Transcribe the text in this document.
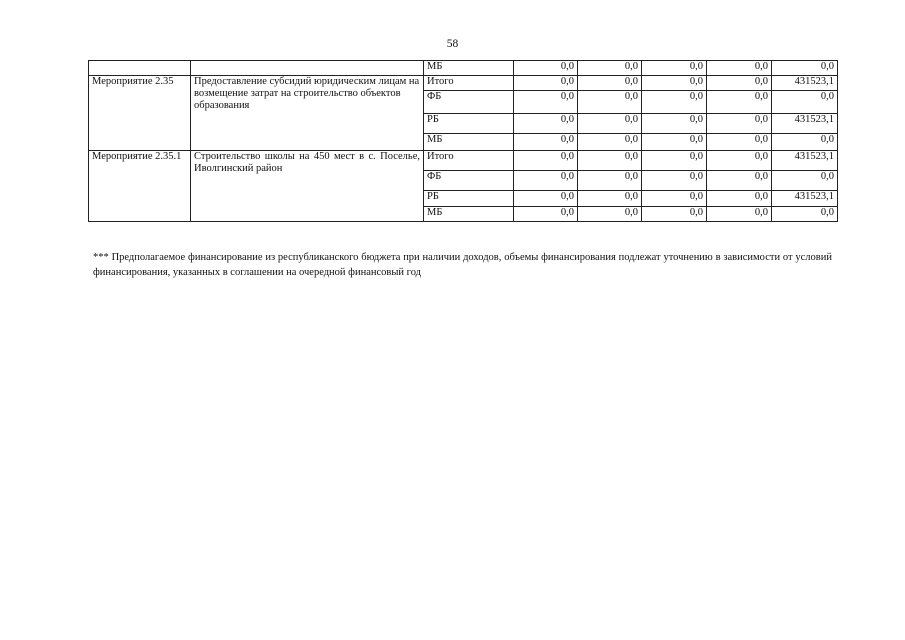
58
		МБ	0,0	0,0	0,0	0,0	0,0
Мероприятие 2.35	Предоставление субсидий юридическим лицам на возмещение затрат на строительство объектов образования	Итого	0,0	0,0	0,0	0,0	431523,1
		ФБ	0,0	0,0	0,0	0,0	0,0
		РБ	0,0	0,0	0,0	0,0	431523,1
		МБ	0,0	0,0	0,0	0,0	0,0
Мероприятие 2.35.1	Строительство школы на 450 мест в с. Поселье, Иволгинский район	Итого	0,0	0,0	0,0	0,0	431523,1
		ФБ	0,0	0,0	0,0	0,0	0,0
		РБ	0,0	0,0	0,0	0,0	431523,1
		МБ	0,0	0,0	0,0	0,0	0,0
*** Предполагаемое финансирование из республиканского бюджета при наличии доходов, объемы финансирования подлежат уточнению в зависимости от условий финансирования, указанных в соглашении на очередной финансовый год
